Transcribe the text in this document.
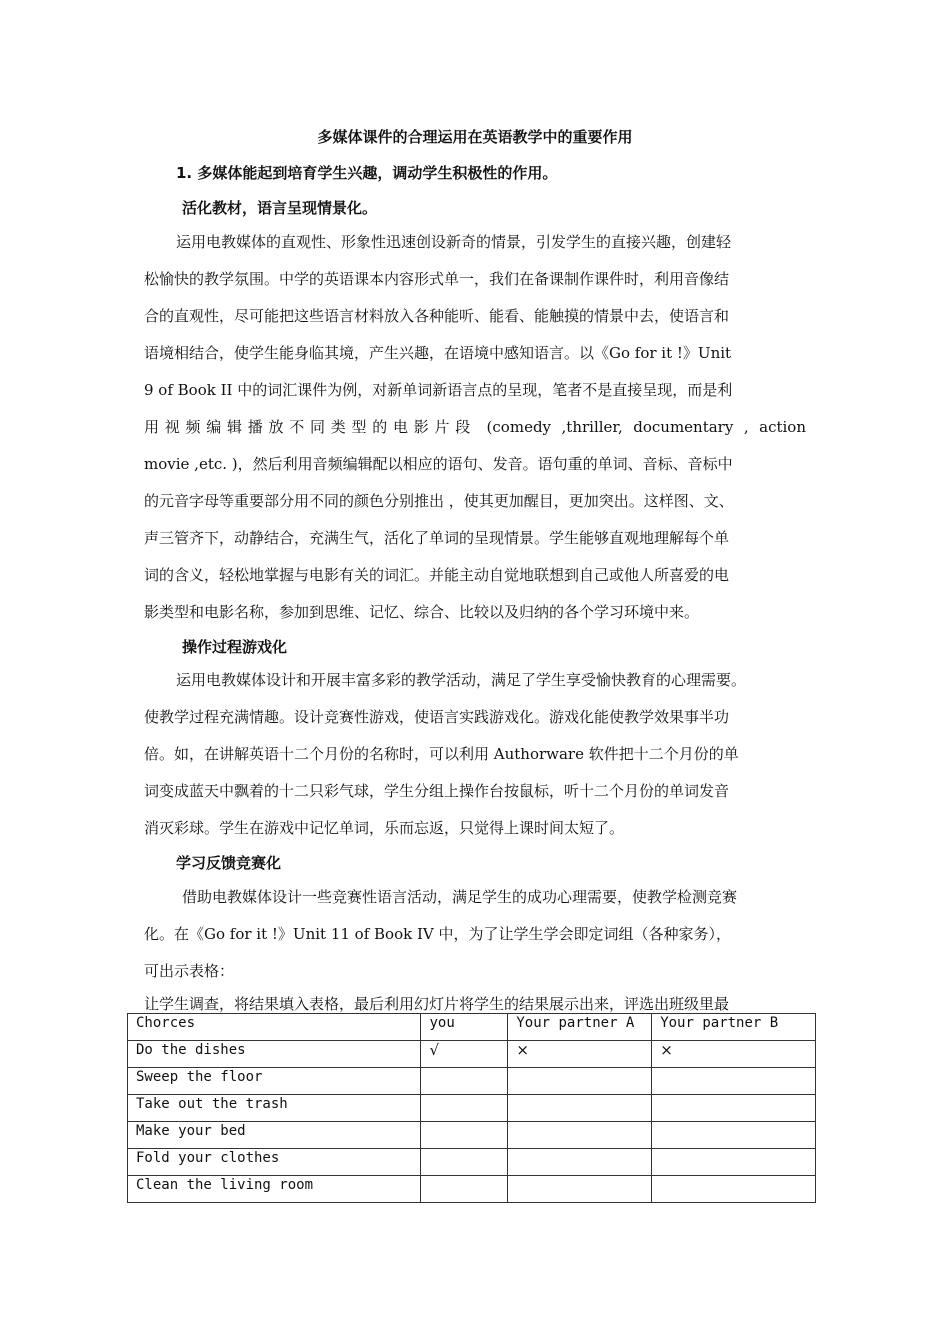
多媒体课件的合理运用在英语教学中的重要作用
1. 多媒体能起到培育学生兴趣，调动学生积极性的作用。
活化教材，语言呈现情景化。
运用电教媒体的直观性、形象性迅速创设新奇的情景，引发学生的直接兴趣，创建轻
松愉快的教学氛围。中学的英语课本内容形式单一，我们在备课制作课件时，利用音像结
合的直观性，尽可能把这些语言材料放入各种能听、能看、能触摸的情景中去，使语言和
语境相结合，使学生能身临其境，产生兴趣，在语境中感知语言。以《Go for it !》Unit
9 of Book II 中的词汇课件为例，对新单词新语言点的呈现，笔者不是直接呈现，而是利
用视频编辑播放不同类型的电影片段 (comedy ,thriller, documentary , action
movie ,etc. )，然后利用音频编辑配以相应的语句、发音。语句重的单词、音标、音标中
的元音字母等重要部分用不同的颜色分别推出 ，使其更加醒目，更加突出。这样图、文、
声三管齐下，动静结合，充满生气，活化了单词的呈现情景。学生能够直观地理解每个单
词的含义，轻松地掌握与电影有关的词汇。并能主动自觉地联想到自己或他人所喜爱的电
影类型和电影名称，参加到思维、记忆、综合、比较以及归纳的各个学习环境中来。
操作过程游戏化
运用电教媒体设计和开展丰富多彩的教学活动，满足了学生享受愉快教育的心理需要。
使教学过程充满情趣。设计竞赛性游戏，使语言实践游戏化。游戏化能使教学效果事半功
倍。如，在讲解英语十二个月份的名称时，可以利用 Authorware 软件把十二个月份的单
词变成蓝天中飘着的十二只彩气球，学生分组上操作台按鼠标，听十二个月份的单词发音
消灭彩球。学生在游戏中记忆单词，乐而忘返，只觉得上课时间太短了。
学习反馈竞赛化
借助电教媒体设计一些竞赛性语言活动，满足学生的成功心理需要，使教学检测竞赛
化。在《Go for it !》Unit 11 of Book IV 中，为了让学生学会即定词组（各种家务），
可出示表格：
让学生调查，将结果填入表格，最后利用幻灯片将学生的结果展示出来，评选出班级里最
Chorces	you	Your partner A	Your partner B
Do the dishes	√	×	×
Sweep the floor			
Take out the trash			
Make your bed			
Fold your clothes			
Clean the living room			
